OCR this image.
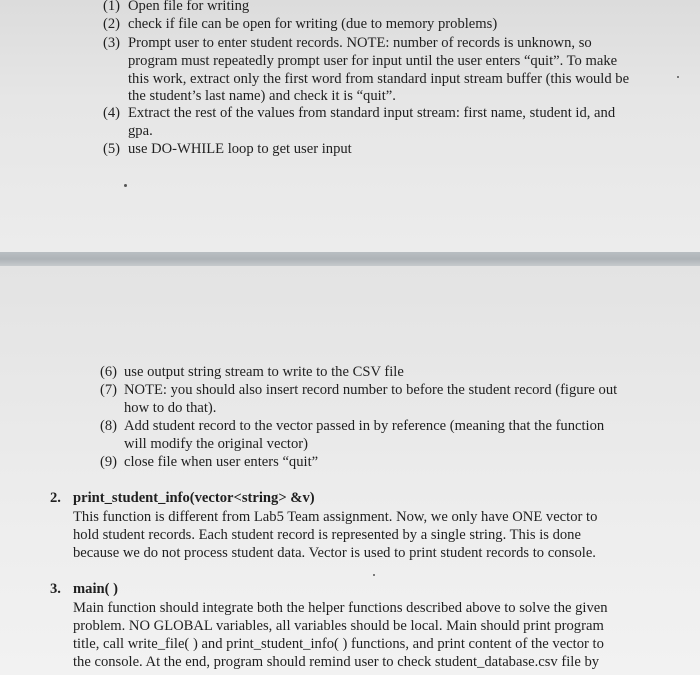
(1) Open file for writing
(2) check if file can be open for writing (due to memory problems)
(3) Prompt user to enter student records. NOTE: number of records is unknown, so
program must repeatedly prompt user for input until the user enters “quit”. To make
this work, extract only the first word from standard input stream buffer (this would be
the student’s last name) and check it is “quit”.
(4) Extract the rest of the values from standard input stream: first name, student id, and
gpa.
(5) use DO-WHILE loop to get user input
(6) use output string stream to write to the CSV file
(7) NOTE: you should also insert record number to before the student record (figure out
how to do that).
(8) Add student record to the vector passed in by reference (meaning that the function
will modify the original vector)
(9) close file when user enters “quit”
2. print_student_info(vector<string> &v)
This function is different from Lab5 Team assignment. Now, we only have ONE vector to
hold student records. Each student record is represented by a single string. This is done
because we do not process student data. Vector is used to print student records to console.
3. main( )
Main function should integrate both the helper functions described above to solve the given
problem. NO GLOBAL variables, all variables should be local. Main should print program
title, call write_file( ) and print_student_info( ) functions, and print content of the vector to
the console. At the end, program should remind user to check student_database.csv file by
